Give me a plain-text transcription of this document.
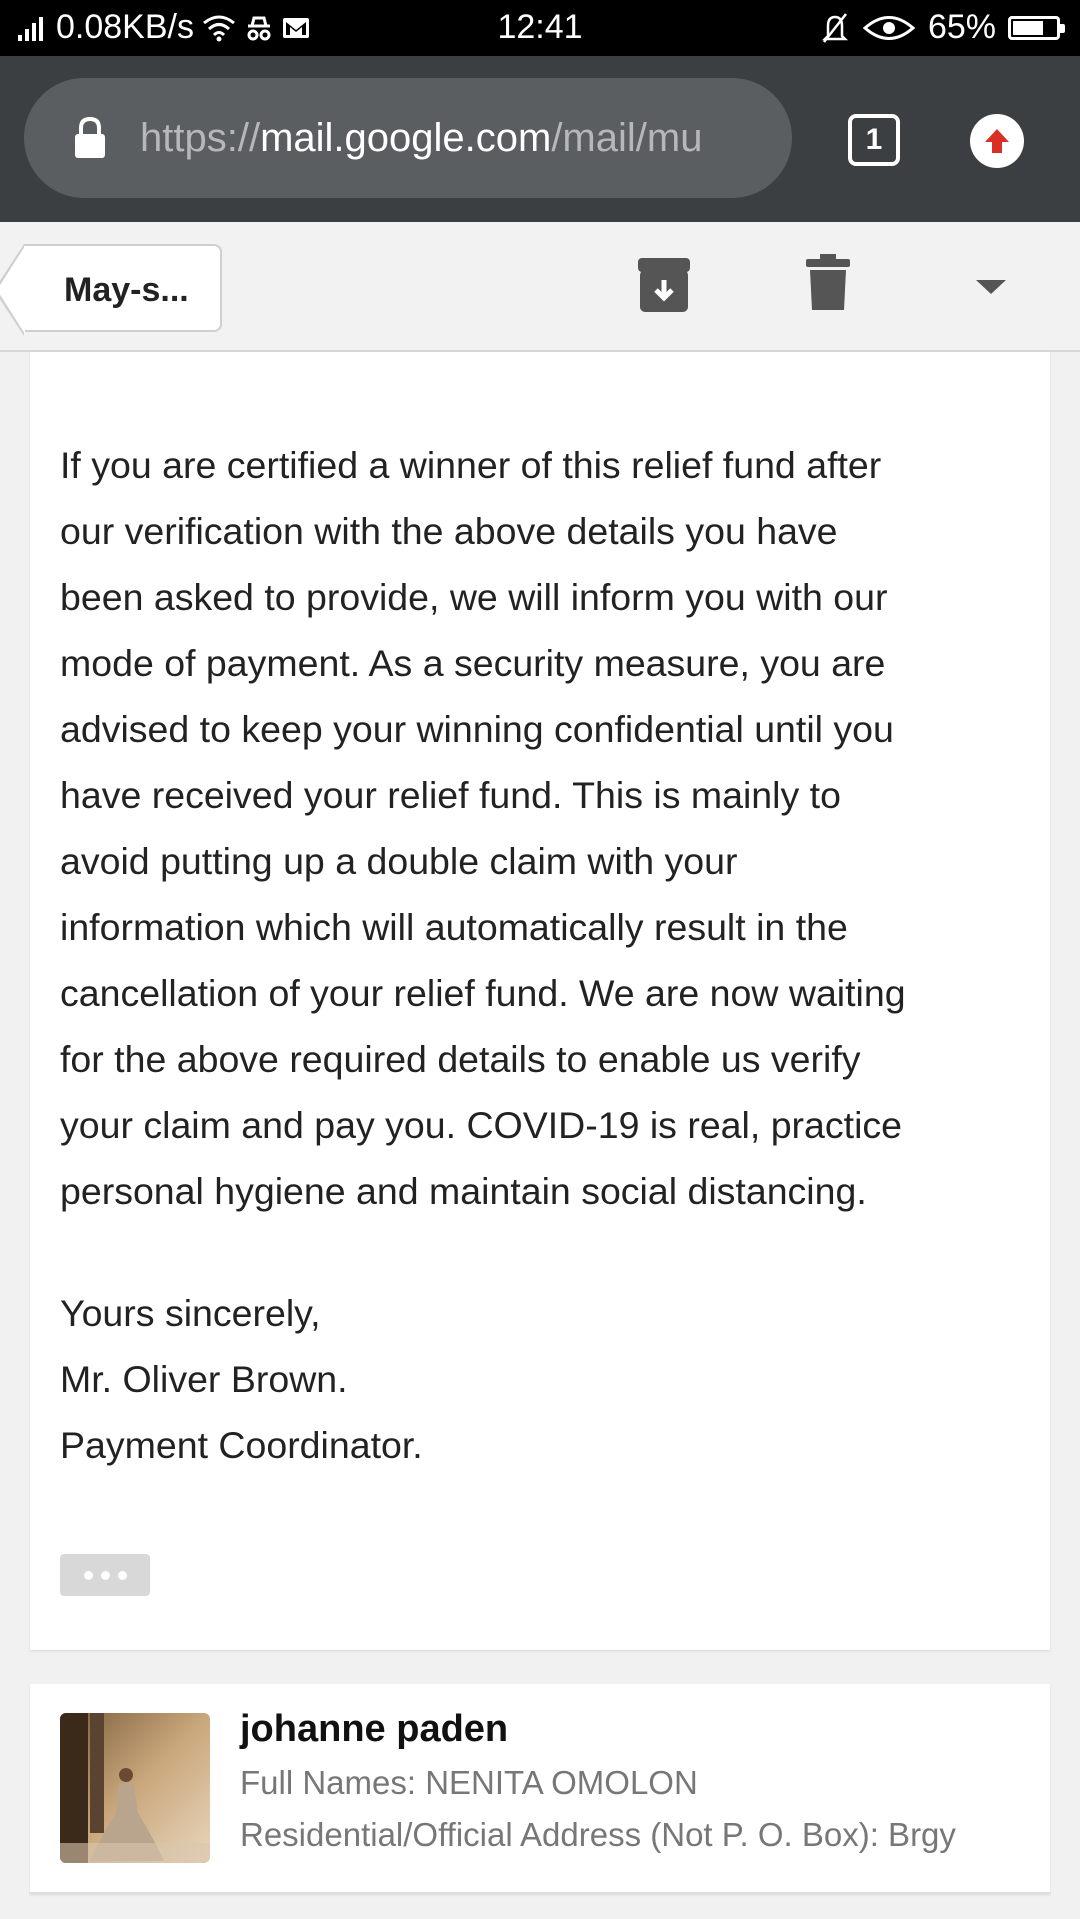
0.08KB/s	12:41	65%
https://mail.google.com/mail/mu	1
May-s...
If you are certified a winner of this relief fund after
our verification with the above details you have
been asked to provide, we will inform you with our
mode of payment. As a security measure, you are
advised to keep your winning confidential until you
have received your relief fund. This is mainly to
avoid putting up a double claim with your
information which will automatically result in the
cancellation of your relief fund. We are now waiting
for the above required details to enable us verify
your claim and pay you. COVID-19 is real, practice
personal hygiene and maintain social distancing.
Yours sincerely,
Mr. Oliver Brown.
Payment Coordinator.
johanne paden
Full Names: NENITA OMOLON
Residential/Official Address (Not P. O. Box): Brgy
